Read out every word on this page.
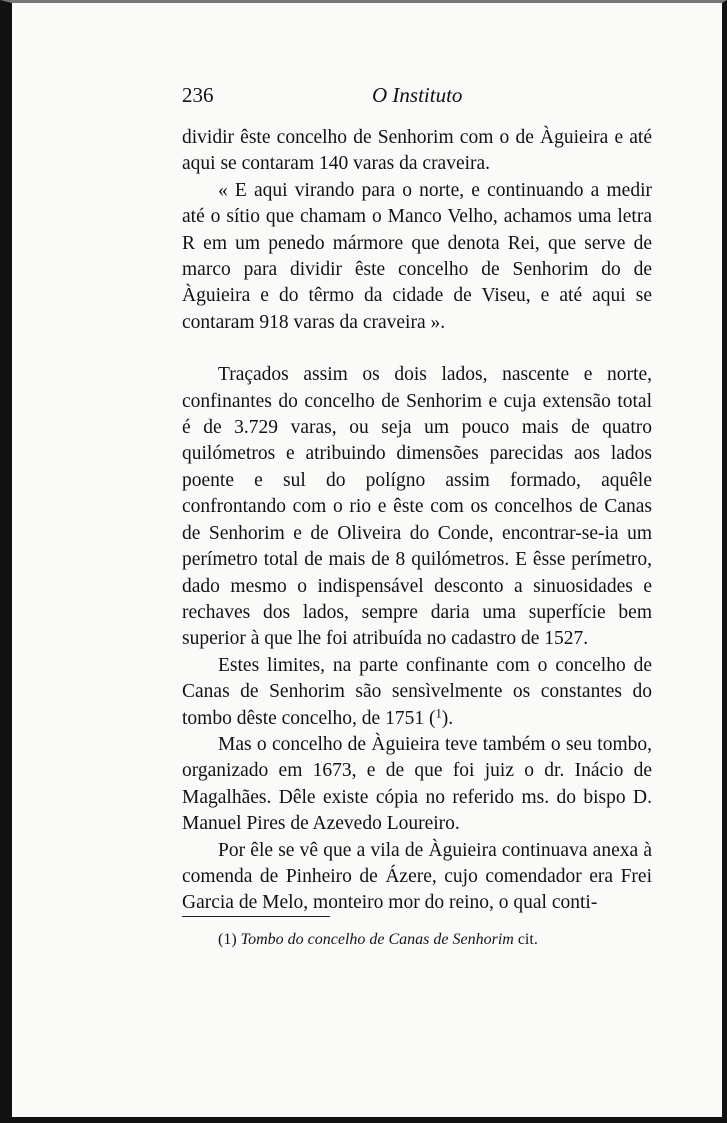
236	O Instituto

dividir êste concelho de Senhorim com o de Àguieira e até aqui se contaram 140 varas da craveira.

« E aqui virando para o norte, e continuando a medir até o sítio que chamam o Manco Velho, achamos uma letra R em um penedo mármore que denota Rei, que serve de marco para dividir êste concelho de Senhorim do de Àguieira e do têrmo da cidade de Viseu, e até aqui se contaram 918 varas da craveira ».

Traçados assim os dois lados, nascente e norte, confinantes do concelho de Senhorim e cuja extensão total é de 3.729 varas, ou seja um pouco mais de quatro quilómetros e atribuindo dimensões parecidas aos lados poente e sul do polígno assim formado, aquêle confrontando com o rio e êste com os concelhos de Canas de Senhorim e de Oliveira do Conde, encontrar-se-ia um perímetro total de mais de 8 quilómetros. E êsse perímetro, dado mesmo o indispensável desconto a sinuosidades e rechaves dos lados, sempre daria uma superfície bem superior à que lhe foi atribuída no cadastro de 1527.

Estes limites, na parte confinante com o concelho de Canas de Senhorim são sensìvelmente os constantes do tombo dêste concelho, de 1751 ($^1$).

Mas o concelho de Àguieira teve também o seu tombo, organizado em 1673, e de que foi juiz o dr. Inácio de Magalhães. Dêle existe cópia no referido ms. do bispo D. Manuel Pires de Azevedo Loureiro.

Por êle se vê que a vila de Àguieira continuava anexa à comenda de Pinheiro de Ázere, cujo comendador era Frei Garcia de Melo, monteiro mor do reino, o qual conti-

(1) Tombo do concelho de Canas de Senhorim cit.
